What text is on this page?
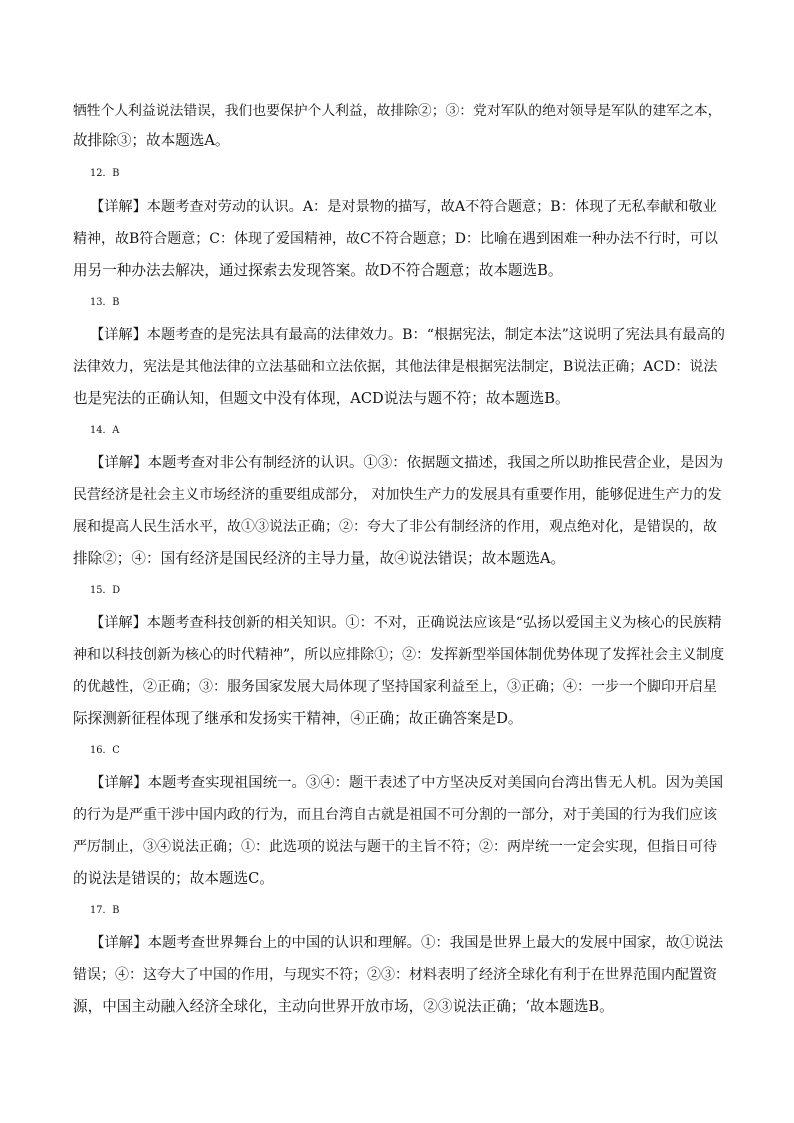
牺牲个人利益说法错误，我们也要保护个人利益，故排除②；③：党对军队的绝对领导是军队的建军之本，
故排除③；故本题选A。
12．B
【详解】本题考查对劳动的认识。A：是对景物的描写，故A不符合题意；B：体现了无私奉献和敬业
精神，故B符合题意；C：体现了爱国精神，故C不符合题意；D：比喻在遇到困难一种办法不行时，可以
用另一种办法去解决，通过探索去发现答案。故D不符合题意；故本题选B。
13．B
【详解】本题考查的是宪法具有最高的法律效力。B：“根据宪法，制定本法”这说明了宪法具有最高的
法律效力，宪法是其他法律的立法基础和立法依据，其他法律是根据宪法制定，B说法正确；ACD：说法
也是宪法的正确认知，但题文中没有体现，ACD说法与题不符；故本题选B。
14．A
【详解】本题考查对非公有制经济的认识。①③：依据题文描述，我国之所以助推民营企业，是因为
民营经济是社会主义市场经济的重要组成部分， 对加快生产力的发展具有重要作用，能够促进生产力的发
展和提高人民生活水平，故①③说法正确；②：夸大了非公有制经济的作用，观点绝对化，是错误的，故
排除②；④：国有经济是国民经济的主导力量，故④说法错误；故本题选A。
15．D
【详解】本题考查科技创新的相关知识。①：不对，正确说法应该是“弘扬以爱国主义为核心的民族精
神和以科技创新为核心的时代精神”，所以应排除①；②：发挥新型举国体制优势体现了发挥社会主义制度
的优越性，②正确；③：服务国家发展大局体现了坚持国家利益至上，③正确；④：一步一个脚印开启星
际探测新征程体现了继承和发扬实干精神，④正确；故正确答案是D。
16．C
【详解】本题考查实现祖国统一。③④：题干表述了中方坚决反对美国向台湾出售无人机。因为美国
的行为是严重干涉中国内政的行为，而且台湾自古就是祖国不可分割的一部分，对于美国的行为我们应该
严厉制止，③④说法正确；①：此选项的说法与题干的主旨不符；②：两岸统一一定会实现，但指日可待
的说法是错误的；故本题选C。
17．B
【详解】本题考查世界舞台上的中国的认识和理解。①：我国是世界上最大的发展中国家，故①说法
错误；④：这夸大了中国的作用，与现实不符；②③：材料表明了经济全球化有利于在世界范围内配置资
源，中国主动融入经济全球化，主动向世界开放市场，②③说法正确；‘故本题选B。
